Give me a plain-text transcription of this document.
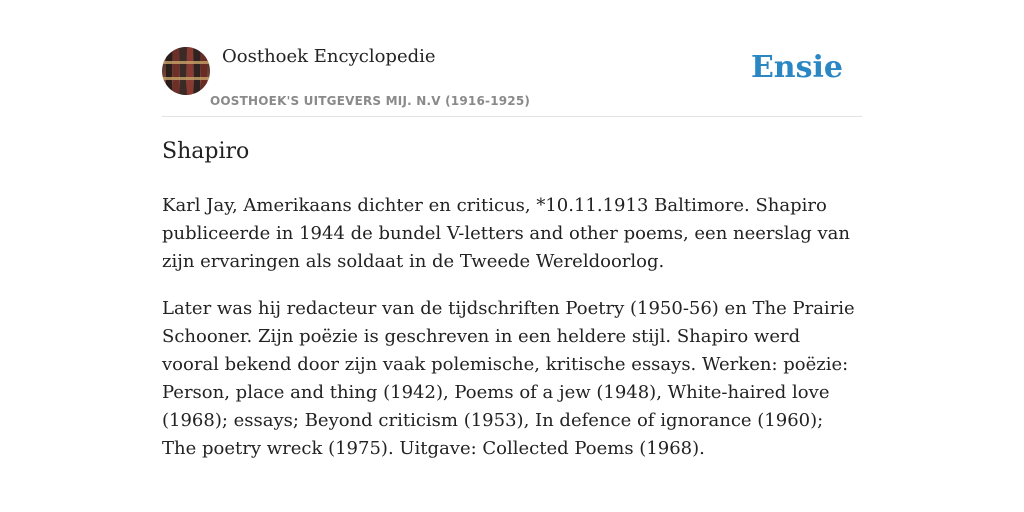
Oosthoek Encyclopedie
OOSTHOEK'S UITGEVERS MIJ. N.V (1916-1925)
Ensie
Shapiro

Karl Jay, Amerikaans dichter en criticus, *10.11.1913 Baltimore. Shapiro publiceerde in 1944 de bundel V-letters and other poems, een neerslag van zijn ervaringen als soldaat in de Tweede Wereldoorlog.

Later was hij redacteur van de tijdschriften Poetry (1950-56) en The Prairie Schooner. Zijn poëzie is geschreven in een heldere stijl. Shapiro werd vooral bekend door zijn vaak polemische, kritische essays. Werken: poëzie: Person, place and thing (1942), Poems of a jew (1948), White-haired love (1968); essays; Beyond criticism (1953), In defence of ignorance (1960); The poetry wreck (1975). Uitgave: Collected Poems (1968).
